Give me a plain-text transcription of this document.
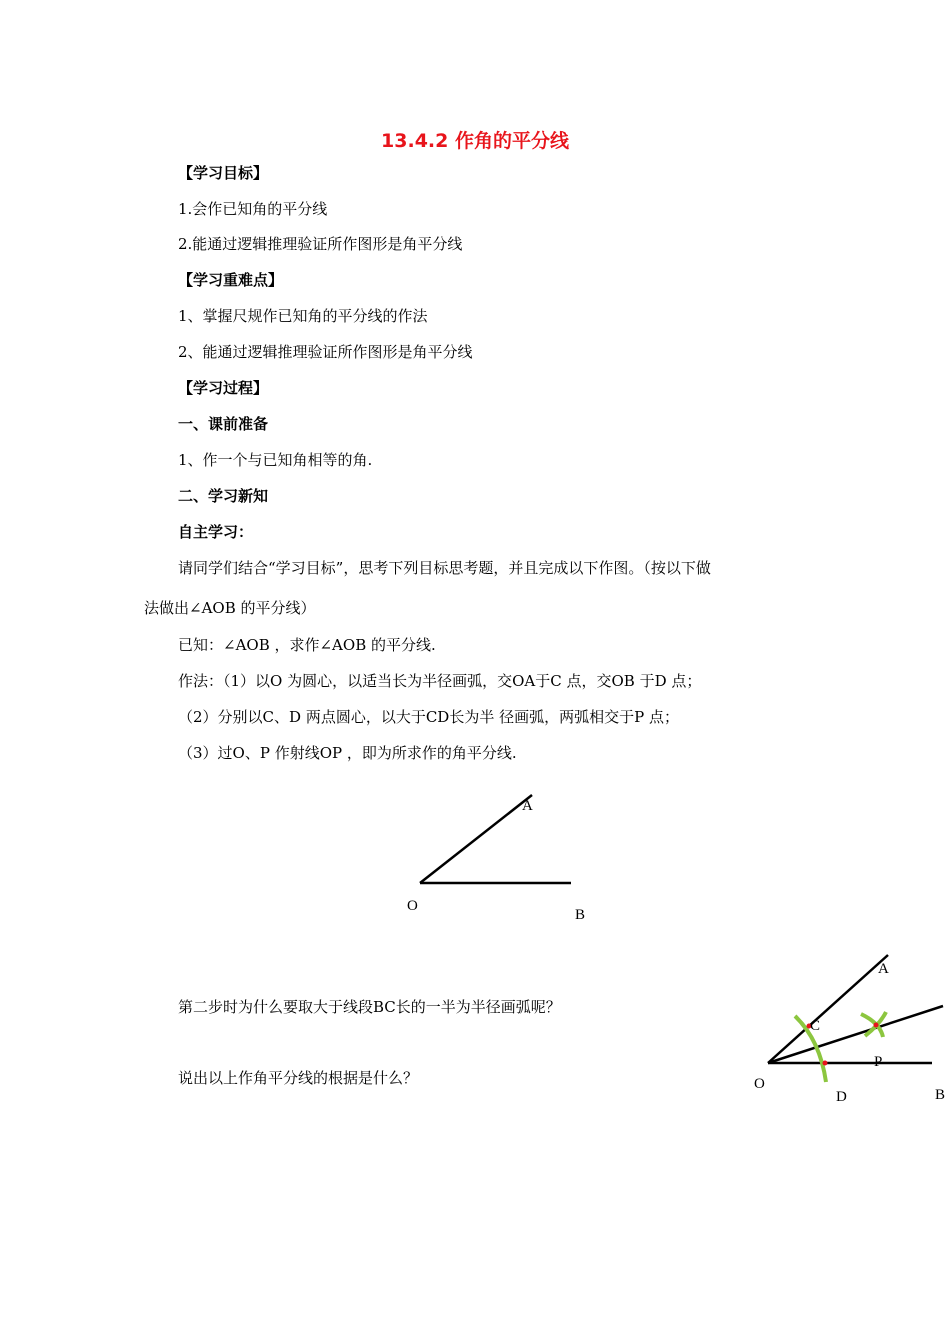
13.4.2 作角的平分线
【学习目标】
1.会作已知角的平分线
2.能通过逻辑推理验证所作图形是角平分线
【学习重难点】
1、掌握尺规作已知角的平分线的作法
2、能通过逻辑推理验证所作图形是角平分线
【学习过程】
一、课前准备
1、作一个与已知角相等的角.
二、学习新知
自主学习：
请同学们结合“学习目标”，思考下列目标思考题，并且完成以下作图。（按以下做
法做出∠AOB 的平分线）
已知：∠AOB ，求作∠AOB 的平分线.
作法：（1）以O 为圆心，以适当长为半径画弧，交OA于C 点，交OB 于D 点；
（2）分别以C、D 两点圆心，以大于CD长为半 径画弧，两弧相交于P 点；
（3）过O、P 作射线OP ，即为所求作的角平分线.
A
O
B
第二步时为什么要取大于线段BC长的一半为半径画弧呢？
说出以上作角平分线的根据是什么？
A
C
P
O
D	B
